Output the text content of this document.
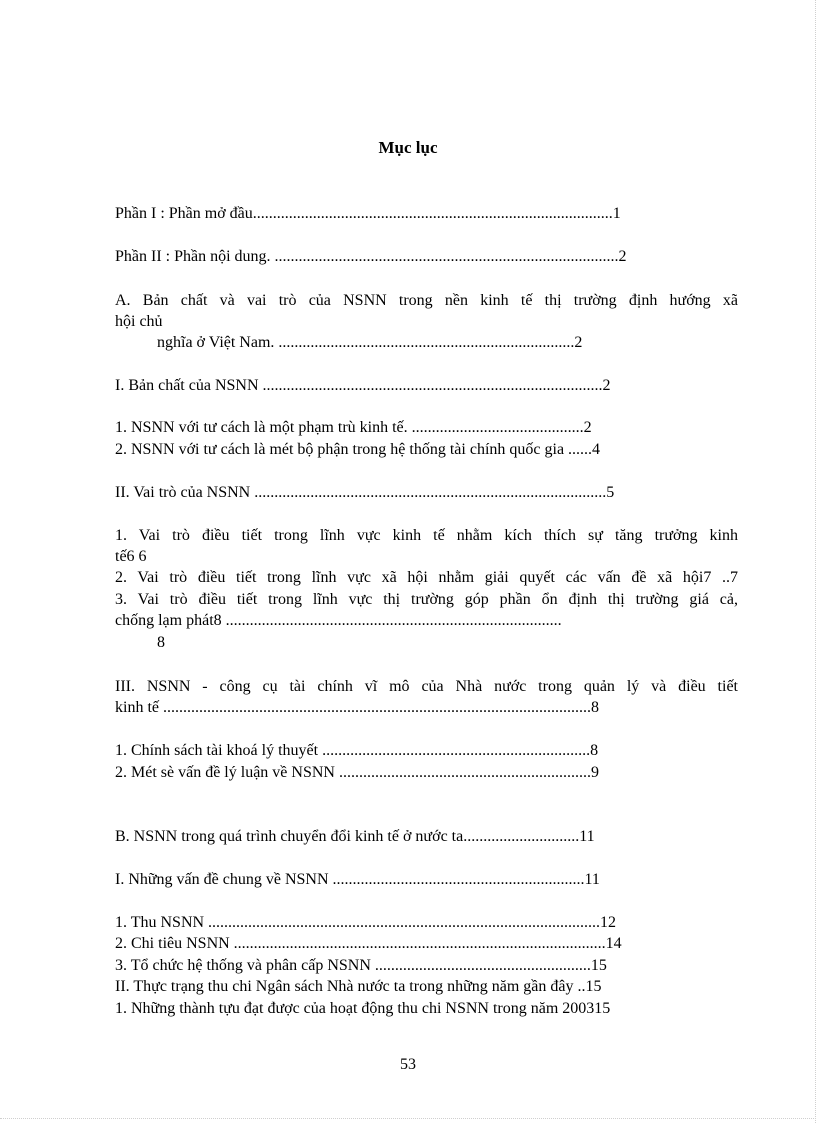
Mục lục
Phần I : Phần mở đầu..........................................................................................1
Phần II : Phần nội dung. ......................................................................................2
A. Bản chất và vai trò của NSNN trong nền kinh tế thị trường định hướng xã
hội chủ
nghĩa ở Việt Nam. ..........................................................................2
I. Bản chất của NSNN .....................................................................................2
1. NSNN với tư cách là một phạm trù kinh tế. ...........................................2
2. NSNN với tư cách là mét bộ phận trong hệ thống tài chính quốc gia ......4
II. Vai trò của NSNN ........................................................................................5
1. Vai trò điều tiết trong lĩnh vực kinh tế nhằm kích thích sự tăng trưởng kinh
tế6 6
2. Vai trò điều tiết trong lĩnh vực xã hội nhằm giải quyết các vấn đề xã hội7 ..7
3. Vai trò điều tiết trong lĩnh vực thị trường góp phần ổn định thị trường giá cả,
chống lạm phát8 ....................................................................................
8
III. NSNN - công cụ tài chính vĩ mô của Nhà nước trong quản lý và điều tiết
kinh tế ...........................................................................................................8
1. Chính sách tài khoá lý thuyết ...................................................................8
2. Mét sè vấn đề lý luận về NSNN ...............................................................9
B. NSNN trong quá trình chuyển đổi kinh tế ở nước ta.............................11
I. Những vấn đề chung về NSNN ...............................................................11
1. Thu NSNN ..................................................................................................12
2. Chi tiêu NSNN .............................................................................................14
3. Tổ chức hệ thống và phân cấp NSNN ......................................................15
II. Thực trạng thu chi Ngân sách Nhà nước ta trong những năm gần đây ..15
1. Những thành tựu đạt được của hoạt động thu chi NSNN trong năm 200315
53
